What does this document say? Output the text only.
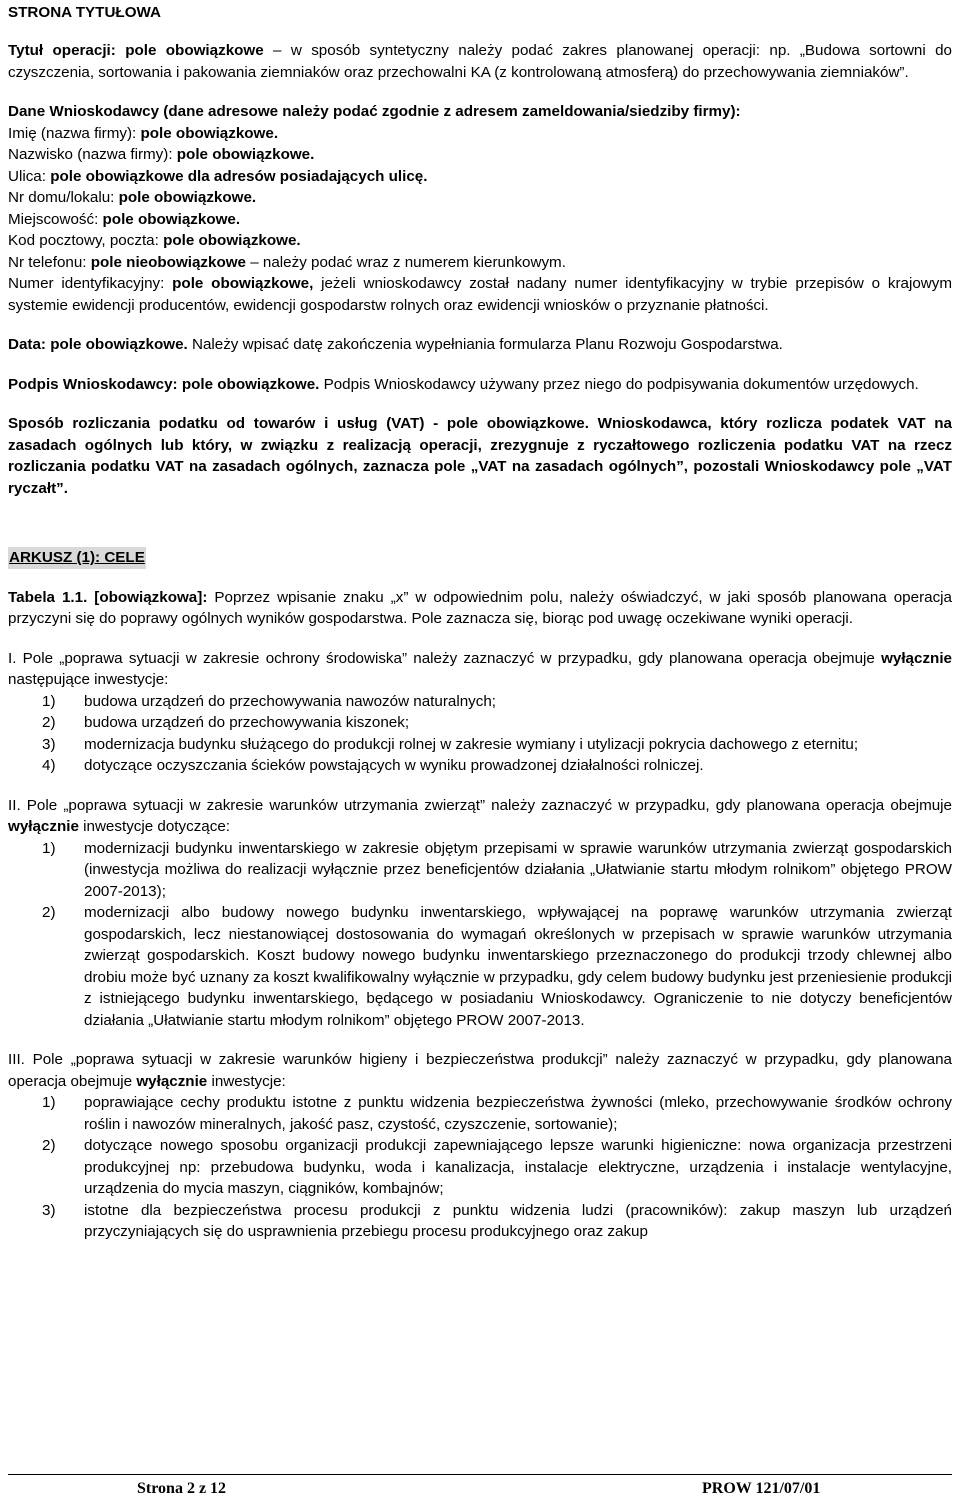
STRONA TYTUŁOWA

Tytuł operacji: pole obowiązkowe – w sposób syntetyczny należy podać zakres planowanej operacji: np. „Budowa sortowni do czyszczenia, sortowania i pakowania ziemniaków oraz przechowalni KA (z kontrolowaną atmosferą) do przechowywania ziemniaków”.

Dane Wnioskodawcy (dane adresowe należy podać zgodnie z adresem zameldowania/siedziby firmy):

Imię (nazwa firmy): pole obowiązkowe.

Nazwisko (nazwa firmy): pole obowiązkowe.

Ulica: pole obowiązkowe dla adresów posiadających ulicę.

Nr domu/lokalu: pole obowiązkowe.

Miejscowość: pole obowiązkowe.

Kod pocztowy, poczta: pole obowiązkowe.

Nr telefonu: pole nieobowiązkowe – należy podać wraz z numerem kierunkowym.

Numer identyfikacyjny: pole obowiązkowe, jeżeli wnioskodawcy został nadany numer identyfikacyjny w trybie przepisów o krajowym systemie ewidencji producentów, ewidencji gospodarstw rolnych oraz ewidencji wniosków o przyznanie płatności.

Data: pole obowiązkowe. Należy wpisać datę zakończenia wypełniania formularza Planu Rozwoju Gospodarstwa.

Podpis Wnioskodawcy: pole obowiązkowe. Podpis Wnioskodawcy używany przez niego do podpisywania dokumentów urzędowych.

Sposób rozliczania podatku od towarów i usług (VAT) - pole obowiązkowe. Wnioskodawca, który rozlicza podatek VAT na zasadach ogólnych lub który, w związku z realizacją operacji, zrezygnuje z ryczałtowego rozliczenia podatku VAT na rzecz rozliczania podatku VAT na zasadach ogólnych, zaznacza pole „VAT na zasadach ogólnych”, pozostali Wnioskodawcy pole „VAT ryczałt”.

ARKUSZ (1): CELE

Tabela 1.1. [obowiązkowa]: Poprzez wpisanie znaku „x” w odpowiednim polu, należy oświadczyć, w jaki sposób planowana operacja przyczyni się do poprawy ogólnych wyników gospodarstwa. Pole zaznacza się, biorąc pod uwagę oczekiwane wyniki operacji.

I. Pole „poprawa sytuacji w zakresie ochrony środowiska” należy zaznaczyć w przypadku, gdy planowana operacja obejmuje wyłącznie następujące inwestycje:

1) budowa urządzeń do przechowywania nawozów naturalnych;
2) budowa urządzeń do przechowywania kiszonek;
3) modernizacja budynku służącego do produkcji rolnej w zakresie wymiany i utylizacji pokrycia dachowego z eternitu;
4) dotyczące oczyszczania ścieków powstających w wyniku prowadzonej działalności rolniczej.

II. Pole „poprawa sytuacji w zakresie warunków utrzymania zwierząt” należy zaznaczyć w przypadku, gdy planowana operacja obejmuje wyłącznie inwestycje dotyczące:

1) modernizacji budynku inwentarskiego w zakresie objętym przepisami w sprawie warunków utrzymania zwierząt gospodarskich (inwestycja możliwa do realizacji wyłącznie przez beneficjentów działania „Ułatwianie startu młodym rolnikom” objętego PROW 2007-2013);
2) modernizacji albo budowy nowego budynku inwentarskiego, wpływającej na poprawę warunków utrzymania zwierząt gospodarskich, lecz niestanowiącej dostosowania do wymagań określonych w przepisach w sprawie warunków utrzymania zwierząt gospodarskich. Koszt budowy nowego budynku inwentarskiego przeznaczonego do produkcji trzody chlewnej albo drobiu może być uznany za koszt kwalifikowalny wyłącznie w przypadku, gdy celem budowy budynku jest przeniesienie produkcji z istniejącego budynku inwentarskiego, będącego w posiadaniu Wnioskodawcy. Ograniczenie to nie dotyczy beneficjentów działania „Ułatwianie startu młodym rolnikom” objętego PROW 2007-2013.

III. Pole „poprawa sytuacji w zakresie warunków higieny i bezpieczeństwa produkcji” należy zaznaczyć w przypadku, gdy planowana operacja obejmuje wyłącznie inwestycje:

1) poprawiające cechy produktu istotne z punktu widzenia bezpieczeństwa żywności (mleko, przechowywanie środków ochrony roślin i nawozów mineralnych, jakość pasz, czystość, czyszczenie, sortowanie);
2) dotyczące nowego sposobu organizacji produkcji zapewniającego lepsze warunki higieniczne: nowa organizacja przestrzeni produkcyjnej np: przebudowa budynku, woda i kanalizacja, instalacje elektryczne, urządzenia i instalacje wentylacyjne, urządzenia do mycia maszyn, ciągników, kombajnów;
3) istotne dla bezpieczeństwa procesu produkcji z punktu widzenia ludzi (pracowników): zakup maszyn lub urządzeń przyczyniających się do usprawnienia przebiegu procesu produkcyjnego oraz zakup
Strona 2 z 12	PROW 121/07/01
